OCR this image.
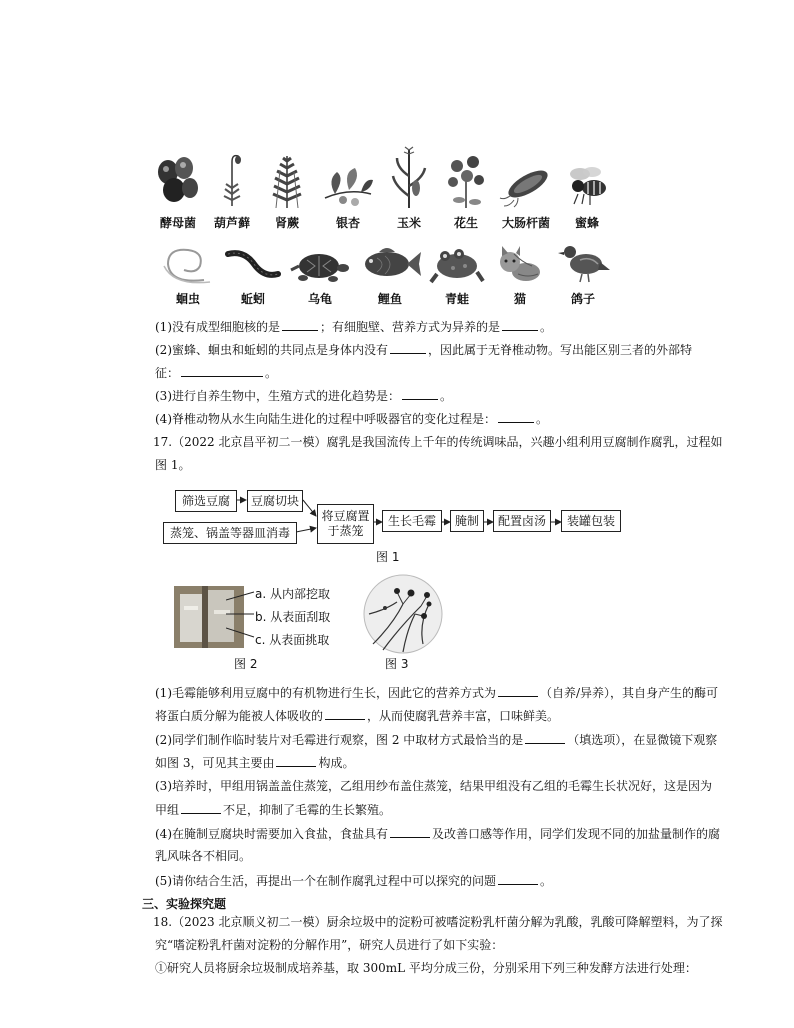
酵母菌 葫芦藓 肾蕨	银杏	玉米	花生 大肠杆菌 蜜蜂
蛔虫	蚯蚓	乌龟	鲤鱼	青蛙	猫	鸽子
(1)没有成型细胞核的是	；有细胞壁、营养方式为异养的是	。
(2)蜜蜂、蛔虫和蚯蚓的共同点是身体内没有	，因此属于无脊椎动物。写出能区别三者的外部特
征：	。
(3)进行自养生物中，生殖方式的进化趋势是：	。
(4)脊椎动物从水生向陆生进化的过程中呼吸器官的变化过程是：	。
17.（2022 北京昌平初二一模）腐乳是我国流传上千年的传统调味品，兴趣小组利用豆腐制作腐乳，过程如
图 1。
筛选豆腐	豆腐切块
蒸笼、锅盖等器皿消毒
将豆腐置于蒸笼
生长毛霉	腌制	配置卤汤	装罐包装
图 1
a. 从内部挖取
b. 从表面刮取
c. 从表面挑取
图 2	图 3
(1)毛霉能够利用豆腐中的有机物进行生长，因此它的营养方式为	（自养/异养），其自身产生的酶可
将蛋白质分解为能被人体吸收的	，从而使腐乳营养丰富，口味鲜美。
(2)同学们制作临时装片对毛霉进行观察，图 2 中取材方式最恰当的是	（填选项），在显微镜下观察
如图 3，可见其主要由	构成。
(3)培养时，甲组用锅盖盖住蒸笼，乙组用纱布盖住蒸笼，结果甲组没有乙组的毛霉生长状况好，这是因为
甲组	不足，抑制了毛霉的生长繁殖。
(4)在腌制豆腐块时需要加入食盐，食盐具有	及改善口感等作用，同学们发现不同的加盐量制作的腐
乳风味各不相同。
(5)请你结合生活，再提出一个在制作腐乳过程中可以探究的问题	。
三、实验探究题
18.（2023 北京顺义初二一模）厨余垃圾中的淀粉可被嗜淀粉乳杆菌分解为乳酸，乳酸可降解塑料，为了探
究“嗜淀粉乳杆菌对淀粉的分解作用”，研究人员进行了如下实验：
①研究人员将厨余垃圾制成培养基，取 300mL 平均分成三份，分别采用下列三种发酵方法进行处理：
